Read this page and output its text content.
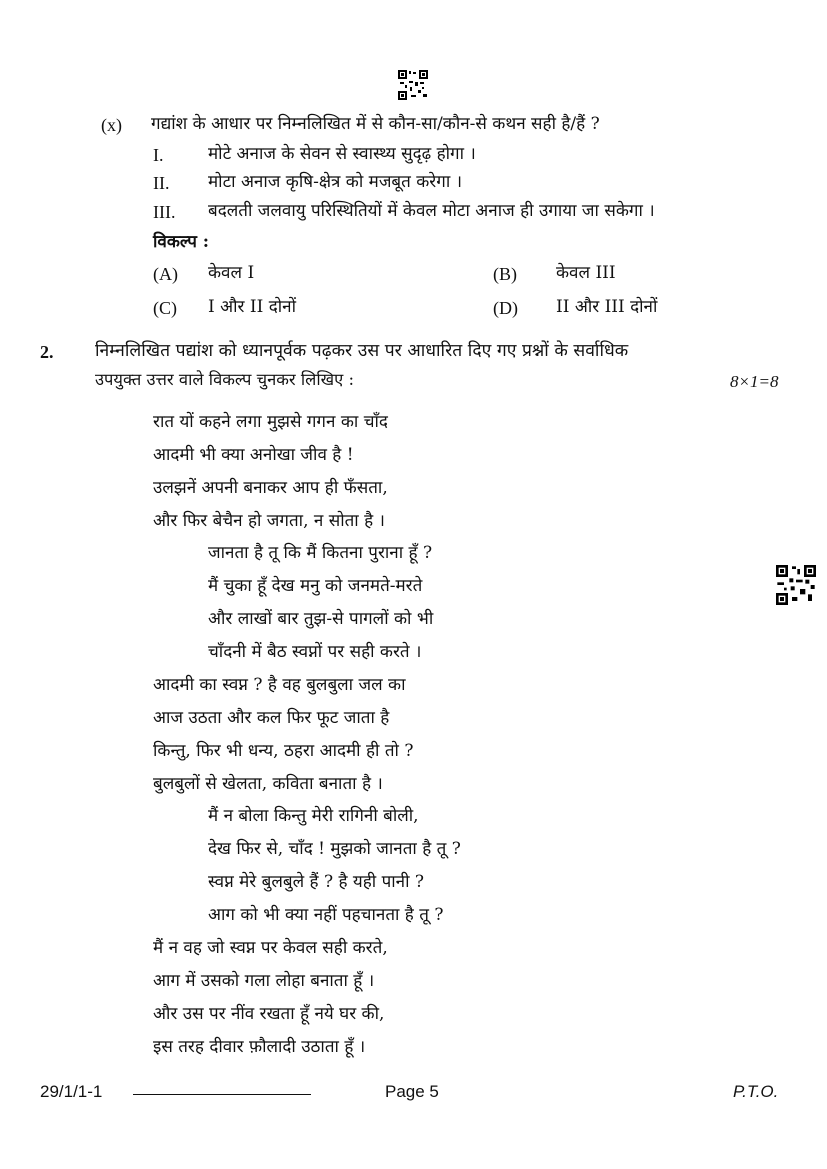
(x) गद्यांश के आधार पर निम्नलिखित में से कौन-सा/कौन-से कथन सही है/हैं ?
I.	मोटे अनाज के सेवन से स्वास्थ्य सुदृढ़ होगा ।
II. मोटा अनाज कृषि-क्षेत्र को मजबूत करेगा ।
III. बदलती जलवायु परिस्थितियों में केवल मोटा अनाज ही उगाया जा सकेगा ।
विकल्प :
(A) केवल I	(B) केवल III
(C) I और II दोनों	(D) II और III दोनों
2. निम्नलिखित पद्यांश को ध्यानपूर्वक पढ़कर उस पर आधारित दिए गए प्रश्नों के सर्वाधिक
उपयुक्त उत्तर वाले विकल्प चुनकर लिखिए :	8×1=8
रात यों कहने लगा मुझसे गगन का चाँद
आदमी भी क्या अनोखा जीव है !
उलझनें अपनी बनाकर आप ही फँसता,
और फिर बेचैन हो जगता, न सोता है ।
जानता है तू कि मैं कितना पुराना हूँ ?
मैं चुका हूँ देख मनु को जनमते-मरते
और लाखों बार तुझ-से पागलों को भी
चाँदनी में बैठ स्वप्नों पर सही करते ।
आदमी का स्वप्न ? है वह बुलबुला जल का
आज उठता और कल फिर फूट जाता है
किन्तु, फिर भी धन्य, ठहरा आदमी ही तो ?
बुलबुलों से खेलता, कविता बनाता है ।
मैं न बोला किन्तु मेरी रागिनी बोली,
देख फिर से, चाँद ! मुझको जानता है तू ?
स्वप्न मेरे बुलबुले हैं ? है यही पानी ?
आग को भी क्या नहीं पहचानता है तू ?
मैं न वह जो स्वप्न पर केवल सही करते,
आग में उसको गला लोहा बनाता हूँ ।
और उस पर नींव रखता हूँ नये घर की,
इस तरह दीवार फ़ौलादी उठाता हूँ ।
29/1/1-1	Page 5	P.T.O.
